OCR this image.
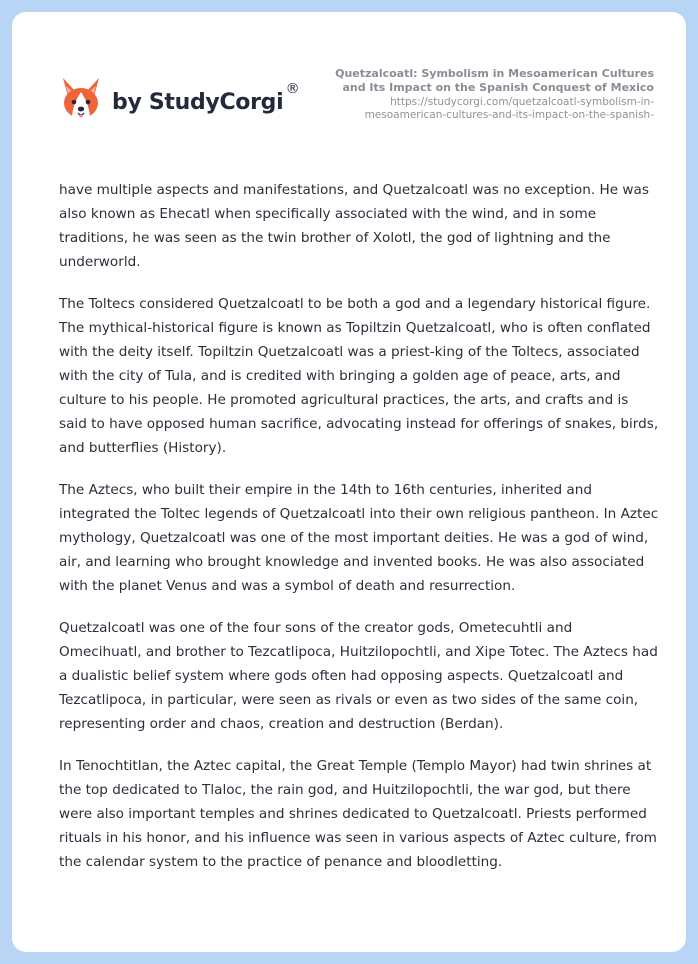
by StudyCorgi
®
Quetzalcoatl: Symbolism in Mesoamerican Cultures and Its Impact on the Spanish Conquest of Mexico
https://studycorgi.com/quetzalcoatl-symbolism-in-mesoamerican-cultures-and-its-impact-on-the-spanish-

have multiple aspects and manifestations, and Quetzalcoatl was no exception. He was also known as Ehecatl when specifically associated with the wind, and in some traditions, he was seen as the twin brother of Xolotl, the god of lightning and the underworld.

The Toltecs considered Quetzalcoatl to be both a god and a legendary historical figure. The mythical-historical figure is known as Topiltzin Quetzalcoatl, who is often conflated with the deity itself. Topiltzin Quetzalcoatl was a priest-king of the Toltecs, associated with the city of Tula, and is credited with bringing a golden age of peace, arts, and culture to his people. He promoted agricultural practices, the arts, and crafts and is said to have opposed human sacrifice, advocating instead for offerings of snakes, birds, and butterflies (History).

The Aztecs, who built their empire in the 14th to 16th centuries, inherited and integrated the Toltec legends of Quetzalcoatl into their own religious pantheon. In Aztec mythology, Quetzalcoatl was one of the most important deities. He was a god of wind, air, and learning who brought knowledge and invented books. He was also associated with the planet Venus and was a symbol of death and resurrection.

Quetzalcoatl was one of the four sons of the creator gods, Ometecuhtli and Omecihuatl, and brother to Tezcatlipoca, Huitzilopochtli, and Xipe Totec. The Aztecs had a dualistic belief system where gods often had opposing aspects. Quetzalcoatl and Tezcatlipoca, in particular, were seen as rivals or even as two sides of the same coin, representing order and chaos, creation and destruction (Berdan).

In Tenochtitlan, the Aztec capital, the Great Temple (Templo Mayor) had twin shrines at the top dedicated to Tlaloc, the rain god, and Huitzilopochtli, the war god, but there were also important temples and shrines dedicated to Quetzalcoatl. Priests performed rituals in his honor, and his influence was seen in various aspects of Aztec culture, from the calendar system to the practice of penance and bloodletting.
